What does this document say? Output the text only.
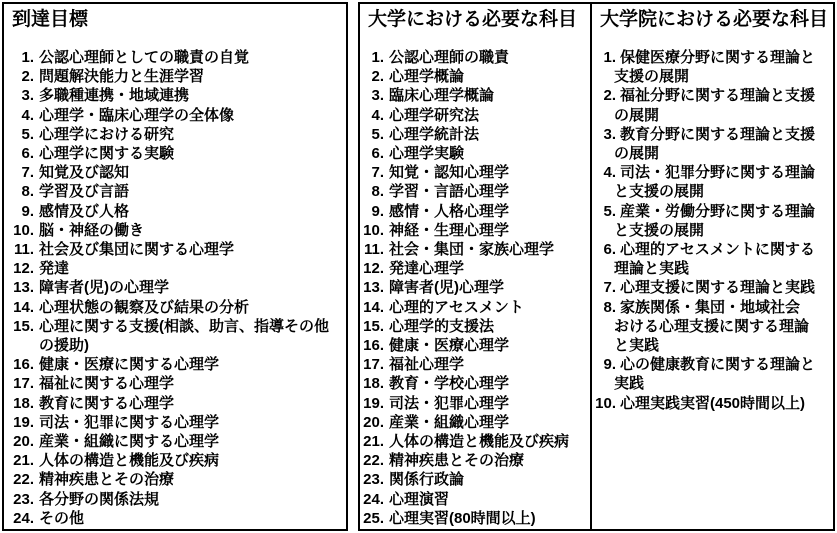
到達目標
1. 公認心理師としての職責の自覚
2. 問題解決能力と生涯学習
3. 多職種連携・地域連携
4. 心理学・臨床心理学の全体像
5. 心理学における研究
6. 心理学に関する実験
7. 知覚及び認知
8. 学習及び言語
9. 感情及び人格
10. 脳・神経の働き
11. 社会及び集団に関する心理学
12. 発達
13. 障害者(児)の心理学
14. 心理状態の観察及び結果の分析
15. 心理に関する支援(相談、助言、指導その他
の援助)
16. 健康・医療に関する心理学
17. 福祉に関する心理学
18. 教育に関する心理学
19. 司法・犯罪に関する心理学
20. 産業・組織に関する心理学
21. 人体の構造と機能及び疾病
22. 精神疾患とその治療
23. 各分野の関係法規
24. その他
大学における必要な科目
1. 公認心理師の職責
2. 心理学概論
3. 臨床心理学概論
4. 心理学研究法
5. 心理学統計法
6. 心理学実験
7. 知覚・認知心理学
8. 学習・言語心理学
9. 感情・人格心理学
10. 神経・生理心理学
11. 社会・集団・家族心理学
12. 発達心理学
13. 障害者(児)心理学
14. 心理的アセスメント
15. 心理学的支援法
16. 健康・医療心理学
17. 福祉心理学
18. 教育・学校心理学
19. 司法・犯罪心理学
20. 産業・組織心理学
21. 人体の構造と機能及び疾病
22. 精神疾患とその治療
23. 関係行政論
24. 心理演習
25. 心理実習(80時間以上)
大学院における必要な科目
1. 保健医療分野に関する理論と
支援の展開
2. 福祉分野に関する理論と支援
の展開
3. 教育分野に関する理論と支援
の展開
4. 司法・犯罪分野に関する理論
と支援の展開
5. 産業・労働分野に関する理論
と支援の展開
6. 心理的アセスメントに関する
理論と実践
7. 心理支援に関する理論と実践
8. 家族関係・集団・地域社会
おける心理支援に関する理論
と実践
9. 心の健康教育に関する理論と
実践
10. 心理実践実習(450時間以上)
